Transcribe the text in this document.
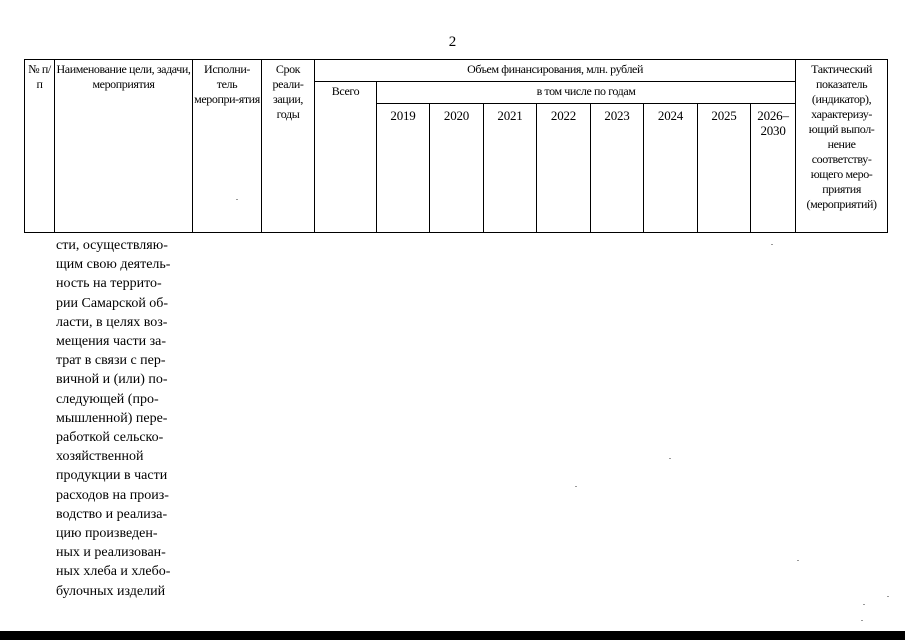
2
№ п/п	Наименование цели, задачи, мероприятия	Исполни-тель меропри-ятия	Срок реали-зации, годы	Объем финансирования, млн. рублей									Тактический показатель (индикатор), характеризу-ющий выпол-нение соответству-ющего меро-приятия (мероприятий)
				Всего	в том числе по годам								
					2019	2020	2021	2022	2023	2024	2025	2026–2030	
сти, осуществляю-
щим свою деятель-
ность на террито-
рии Самарской об-
ласти, в целях воз-
мещения части за-
трат в связи с пер-
вичной и (или) по-
следующей (про-
мышленной) пере-
работкой сельско-
хозяйственной
продукции в части
расходов на произ-
водство и реализа-
цию произведен-
ных и реализован-
ных хлеба и хлебо-
булочных изделий
